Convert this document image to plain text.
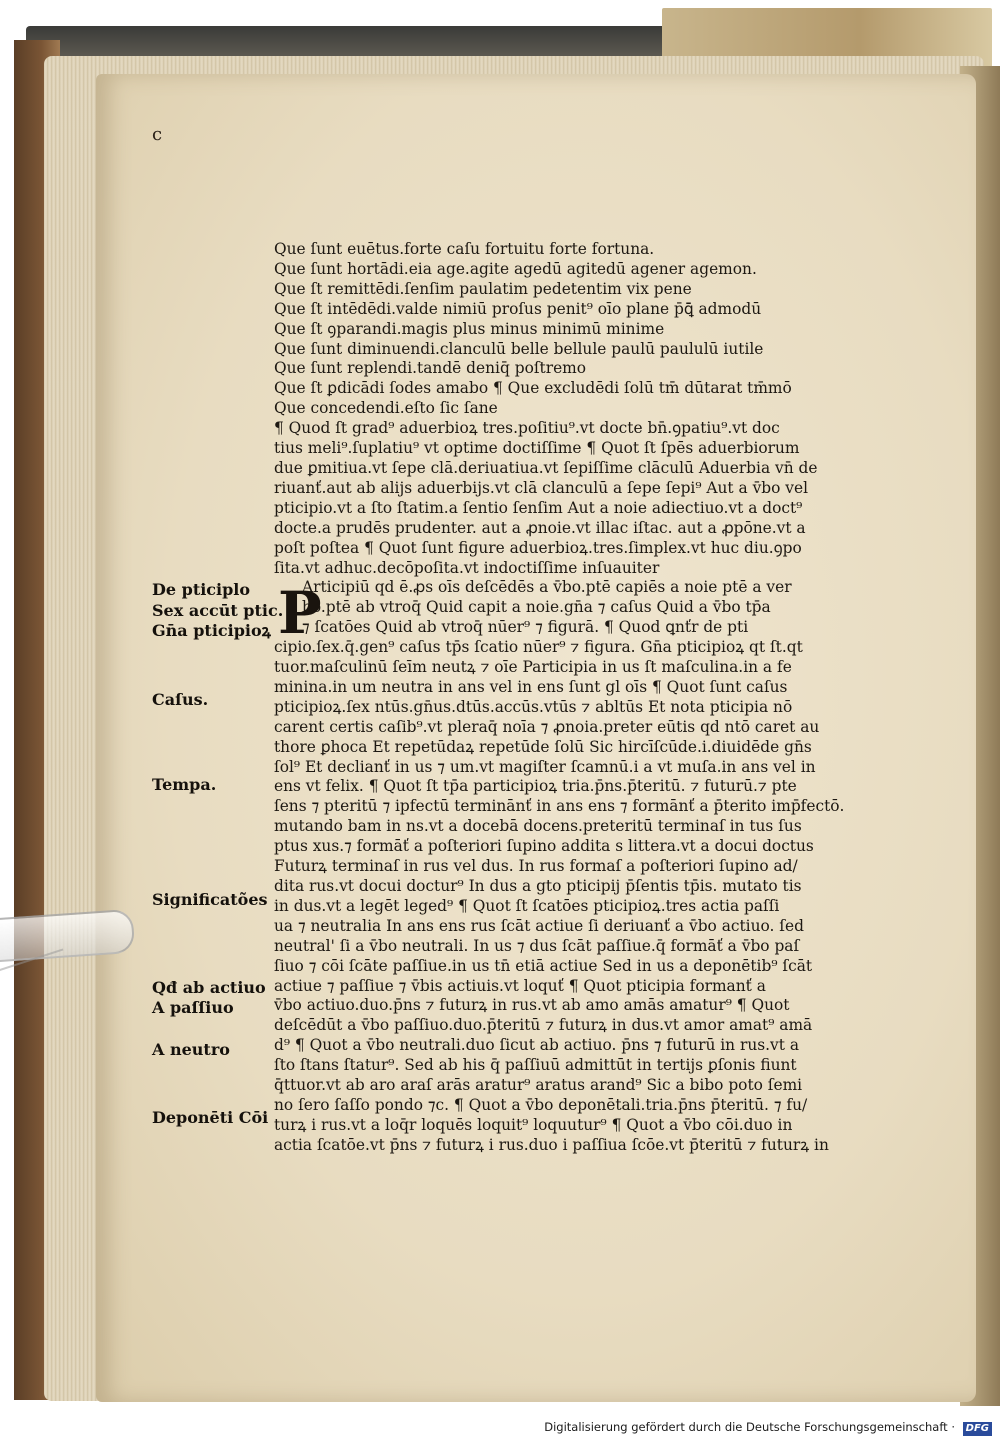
c
Que ſunt euētus.forte caſu fortuitu forte fortuna.
Que ſunt hortādi.eia age.agite agedū agitedū agener agemon.
Que ſt̄ remittēdi.ſenſim paulatim pedetentim vix pene
Que ſt̄ intēdēdi.valde nimiū proſus penit⁹ oīo plane p̄ꝗ̄ admodū
Que ſt̄ ꝯparandi.magis plus minus minimū minime
Que ſunt diminuendi.clanculū belle bellule paulū paululū iutile
Que ſunt replendi.tandē deniq̄ poſtremo
Que ſt̄ ꝑdicādi ſodes amabo ¶ Que excludēdi ſolū tm̄ dūtarat tm̄mō
Que concedendi.eſto ſic ſane
¶ Quod ſt̄ grad⁹ aduerbioꝝ tres.poſitiu⁹.vt docte bn̄.ꝯpatiu⁹.vt doc
tius meli⁹.ſuplatiu⁹ vt optime doctiſſime ¶ Quot ſt̄ ſpēs aduerbiorum
due ꝑmitiua.vt ſepe clā.deriuatiua.vt ſepiſſime clāculū Aduerbia vn̄ de
riuanť.aut ab alijs aduerbijs.vt clā clanculū a ſepe ſepi⁹ Aut a v̄bo vel
pticipio.vt a ſto ſtatim.a ſentio ſenſim Aut a noie adiectiuo.vt a doct⁹
docte.a prudēs prudenter. aut a ꝓnoie.vt illac iſtac. aut a ꝓpōne.vt a
poſt poſtea ¶ Quot ſunt figure aduerbioꝝ.tres.ſimplex.vt huc diu.ꝯpo
ſita.vt adhuc.decōpoſita.vt indoctiſſime inſuauiter
Articipiū qd̄ ē.ꝓs oīs deſcēdēs a v̄bo.ptē capiēs a noie ptē a ver
bo.ptē ab vtroq̄ Quid capit a noie.gn̄a ⁊ caſus Quid a v̄bo tp̄a
⁊ ſcatōes Quid ab vtroq̄ nūer⁹ ⁊ figurā. ¶ Quod ꝗnťr de pti
cipio.ſex.q̄.gen⁹ caſus tp̄s ſcatio nūer⁹ ⁊ figura. Gn̄a pticipioꝝ qt ſt̄.qt
tuor.maſculinū ſeīm neutꝝ ⁊ oīe Participia in us ſt̄ maſculina.in a fe
minina.in um neutra in ans vel in ens ſunt gl̄ oīs ¶ Quot ſunt caſus
pticipioꝝ.ſex ntūs.gn̄us.dtūs.accūs.vtūs ⁊ abltūs Et nota pticipia nō
carent certis caſib⁹.vt pleraq̄ noīa ⁊ ꝓnoia.preter eūtis qd̄ ntō caret au
thore ꝑhoca Et repetūdaꝝ repetūde ſolū Sic hircīſcūde.i.diuidēde gn̄s
ſol⁹ Et declianť in us ⁊ um.vt magiſter ſcamnū.i a vt muſa.in ans vel in
ens vt felix. ¶ Quot ſt̄ tp̄a participioꝝ tria.p̄ns.p̄teritū. ⁊ futurū.⁊ pte
ſens ⁊ pteritū ⁊ ipfectū terminānť in ans ens ⁊ formānť a p̄terito imp̄fectō.
mutando bam in ns.vt a docebā docens.preteritū terminaſ in tus ſus
ptus xus.⁊ formāť a poſteriori ſupino addita s littera.vt a docui doctus
Futurꝝ terminaſ in rus vel dus. In rus formaſ a poſteriori ſupino ad/
dita rus.vt docui doctur⁹ In dus a gt̄o pticipij p̄ſentis tp̄is. mutato tis
in dus.vt a legēt leged⁹ ¶ Quot ſt̄ ſcatōes pticipioꝝ.tres actia paſſi
ua ⁊ neutralia In ans ens rus ſcāt actiue ſi deriuanť a v̄bo actiuo. ſed
neutral' ſi a v̄bo neutrali. In us ⁊ dus ſcāt paſſiue.q̄ formāť a v̄bo paſ
ſiuo ⁊ cōi ſcāte paſſiue.in us tn̄ etiā actiue Sed in us a deponētib⁹ ſcāt
actiue ⁊ paſſiue ⁊ v̄bis actiuis.vt loquť ¶ Quot pticipia formanť a
v̄bo actiuo.duo.p̄ns ⁊ futurꝝ in rus.vt ab amo amās amatur⁹ ¶ Quot
deſcēdūt a v̄bo paſſiuo.duo.p̄teritū ⁊ futurꝝ in dus.vt amor amat⁹ amā
d⁹ ¶ Quot a v̄bo neutrali.duo ſicut ab actiuo. p̄ns ⁊ futurū in rus.vt a
ſto ſtans ſtatur⁹. Sed ab his q̄ paſſiuū admittūt in tertijs ꝑſonis fiunt
q̄ttuor.vt ab aro araſ arās aratur⁹ aratus arand⁹ Sic a bibo poto ſemi
no ſero ſaſſo pondo ⁊c. ¶ Quot a v̄bo deponētali.tria.p̄ns p̄teritū. ⁊ fu/
turꝝ i rus.vt a loq̄r loquēs loquit⁹ loquutur⁹ ¶ Quot a v̄bo cōi.duo in
actia ſcatōe.vt p̄ns ⁊ futurꝝ i rus.duo i paſſiua ſcōe.vt p̄teritū ⁊ futurꝝ in
P
De pticiplo
Sex accūt ptic.
Gn̄a pticipioꝝ
Caſus.
Tempa.
Significatões
Qđ ab actiuo
A paſſiuo
A neutro
Deponēti Cōi
Digitalisierung gefördert durch die Deutsche Forschungsgemeinschaft · DFG
